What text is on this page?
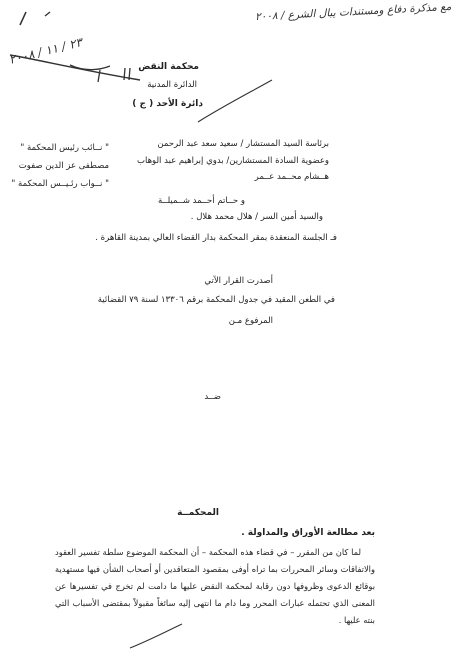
مع مذكرة دفاع ومستندات يبال الشرع / ٢٠٠٨
٢٣ / ١١ / ٢٠٠٨
محكمة النقض
الدائرة المدنية
دائرة الأحد ( ج )
برئاسة السيد المستشار / سعيد سعد عبد الرحمن
" نــائب رئيس المحكمة "
وعضوية السادة المستشارين/ بدوي إبراهيم عبد الوهاب
مصطفى عز الدين صفوت
هــشام محــمد عــمر
" نــواب رئـيــس المحكمة "
و حــاتم أحــمد شــميلــة
والسيد أمين السر / هلال محمد هلال .
فـ الجلسة المنعقدة بمقر المحكمة بدار القضاء العالي بمدينة القاهرة .
أصدرت القرار الآتي
في الطعن المقيد في جدول المحكمة برقم ١٣٣٠٦ لسنة ٧٩ القضائية
المرفوع مـن
ضــد
المحكمــة
بعد مطالعة الأوراق والمداولة .
لما كان من المقرر – في قضاء هذه المحكمة – أن المحكمة الموضوع سلطة تفسير العقود والاتفاقات وسائر المحررات بما تراه أوفى بمقصود المتعاقدين أو أصحاب الشأن فيها مستهدية بوقائع الدعوى وظروفها دون رقابة لمحكمة النقض عليها ما دامت لم تخرج في تفسيرها عن المعنى الذي تحتمله عبارات المحرر وما دام ما انتهى إليه سائغاً مقبولاً بمقتضى الأسباب التي بنته عليها .
